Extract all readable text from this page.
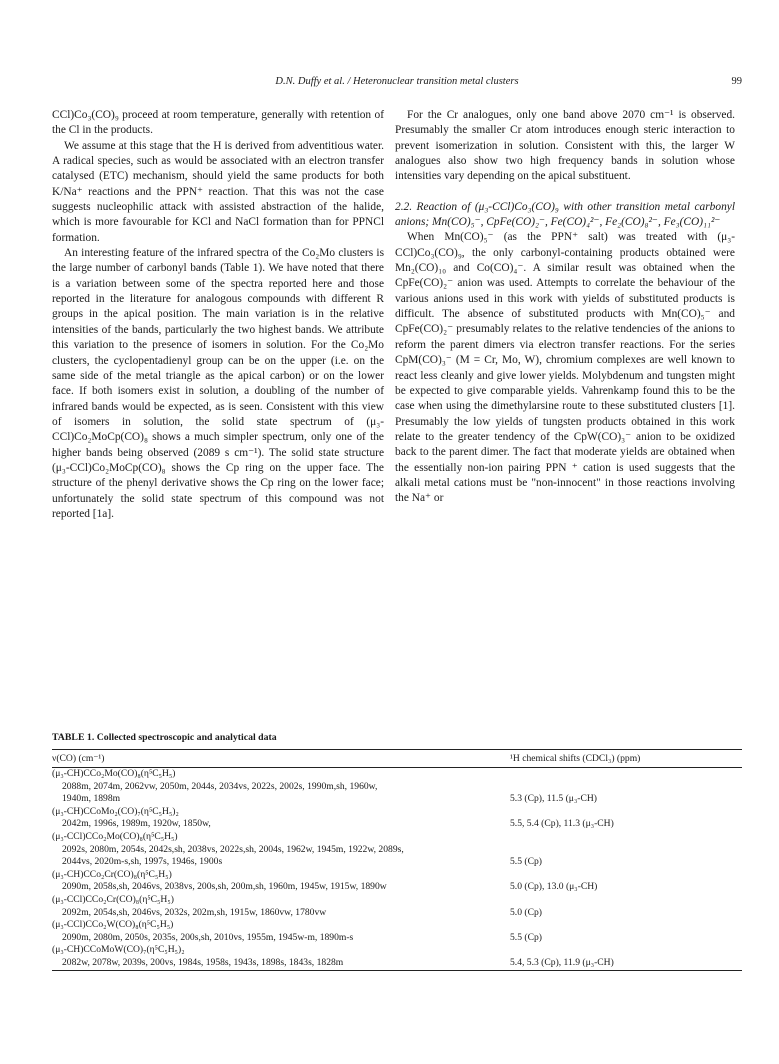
D.N. Duffy et al. / Heteronuclear transition metal clusters	99

CCl)Co₃(CO)₉ proceed at room temperature, generally with retention of the Cl in the products.

We assume at this stage that the H is derived from adventitious water. A radical species, such as would be associated with an electron transfer catalysed (ETC) mechanism, should yield the same products for both K/Na⁺ reactions and the PPN⁺ reaction. That this was not the case suggests nucleophilic attack with assisted abstraction of the halide, which is more favourable for KCl and NaCl formation than for PPNCl formation.

An interesting feature of the infrared spectra of the Co₂Mo clusters is the large number of carbonyl bands (Table 1). We have noted that there is a variation between some of the spectra reported here and those reported in the literature for analogous compounds with different R groups in the apical position. The main variation is in the relative intensities of the bands, particularly the two highest bands. We attribute this variation to the presence of isomers in solution. For the Co₂Mo clusters, the cyclopentadienyl group can be on the upper (i.e. on the same side of the metal triangle as the apical carbon) or on the lower face. If both isomers exist in solution, a doubling of the number of infrared bands would be expected, as is seen. Consistent with this view of isomers in solution, the solid state spectrum of (μ₃-CCl)Co₂MoCp(CO)₈ shows a much simpler spectrum, only one of the higher bands being observed (2089 s cm⁻¹). The solid state structure (μ₃-CCl)Co₂MoCp(CO)₈ shows the Cp ring on the upper face. The structure of the phenyl derivative shows the Cp ring on the lower face; unfortunately the solid state spectrum of this compound was not reported [1a].

For the Cr analogues, only one band above 2070 cm⁻¹ is observed. Presumably the smaller Cr atom introduces enough steric interaction to prevent isomerization in solution. Consistent with this, the larger W analogues also show two high frequency bands in solution whose intensities vary depending on the apical substituent.

2.2. Reaction of (μ₃-CCl)Co₃(CO)₉ with other transition metal carbonyl anions; Mn(CO)₅⁻, CpFe(CO)₂⁻, Fe(CO)₄²⁻, Fe₂(CO)₈²⁻, Fe₃(CO)₁₁²⁻

When Mn(CO)₅⁻ (as the PPN⁺ salt) was treated with (μ₃-CCl)Co₃(CO)₉, the only carbonyl-containing products obtained were Mn₂(CO)₁₀ and Co(CO)₄⁻. A similar result was obtained when the CpFe(CO)₂⁻ anion was used. Attempts to correlate the behaviour of the various anions used in this work with yields of substituted products is difficult. The absence of substituted products with Mn(CO)₅⁻ and CpFe(CO)₂⁻ presumably relates to the relative tendencies of the anions to reform the parent dimers via electron transfer reactions. For the series CpM(CO)₃⁻ (M = Cr, Mo, W), chromium complexes are well known to react less cleanly and give lower yields. Molybdenum and tungsten might be expected to give comparable yields. Vahrenkamp found this to be the case when using the dimethylarsine route to these substituted clusters [1]. Presumably the low yields of tungsten products obtained in this work relate to the greater tendency of the CpW(CO)₃⁻ anion to be oxidized back to the parent dimer. The fact that moderate yields are obtained when the essentially non-ion pairing PPN ⁺ cation is used suggests that the alkali metal cations must be "non-innocent" in those reactions involving the Na⁺ or

TABLE 1. Collected spectroscopic and analytical data
ν(CO) (cm⁻¹)	¹H chemical shifts (CDCl₃) (ppm)
(μ₃-CH)CCo₂Mo(CO)₈(η⁵C₅H₅)
2088m, 2074m, 2062vw, 2050m, 2044s, 2034vs, 2022s, 2002s, 1990m,sh, 1960w,
1940m, 1898m	5.3 (Cp), 11.5 (μ₃-CH)
(μ₃-CH)CCoMo₂(CO)₇(η⁵C₅H₅)₂
2042m, 1996s, 1989m, 1920w, 1850w,	5.5, 5.4 (Cp), 11.3 (μ₃-CH)
(μ₃-CCl)CCo₂Mo(CO)₈(η⁵C₅H₅)
2092s, 2080m, 2054s, 2042s,sh, 2038vs, 2022s,sh, 2004s, 1962w, 1945m, 1922w, 2089s,
2044vs, 2020m-s,sh, 1997s, 1946s, 1900s	5.5 (Cp)
(μ₃-CH)CCo₂Cr(CO)₈(η⁵C₅H₅)
2090m, 2058s,sh, 2046vs, 2038vs, 200s,sh, 200m,sh, 1960m, 1945w, 1915w, 1890w	5.0 (Cp), 13.0 (μ₃-CH)
(μ₃-CCl)CCo₂Cr(CO)₈(η⁵C₅H₅)
2092m, 2054s,sh, 2046vs, 2032s, 202m,sh, 1915w, 1860vw, 1780vw	5.0 (Cp)
(μ₃-CCl)CCo₂W(CO)₈(η⁵C₅H₅)
2090m, 2080m, 2050s, 2035s, 200s,sh, 2010vs, 1955m, 1945w-m, 1890m-s	5.5 (Cp)
(μ₃-CH)CCoMoW(CO)₇(η⁵C₅H₅)₂
2082w, 2078w, 2039s, 200vs, 1984s, 1958s, 1943s, 1898s, 1843s, 1828m	5.4, 5.3 (Cp), 11.9 (μ₃-CH)
